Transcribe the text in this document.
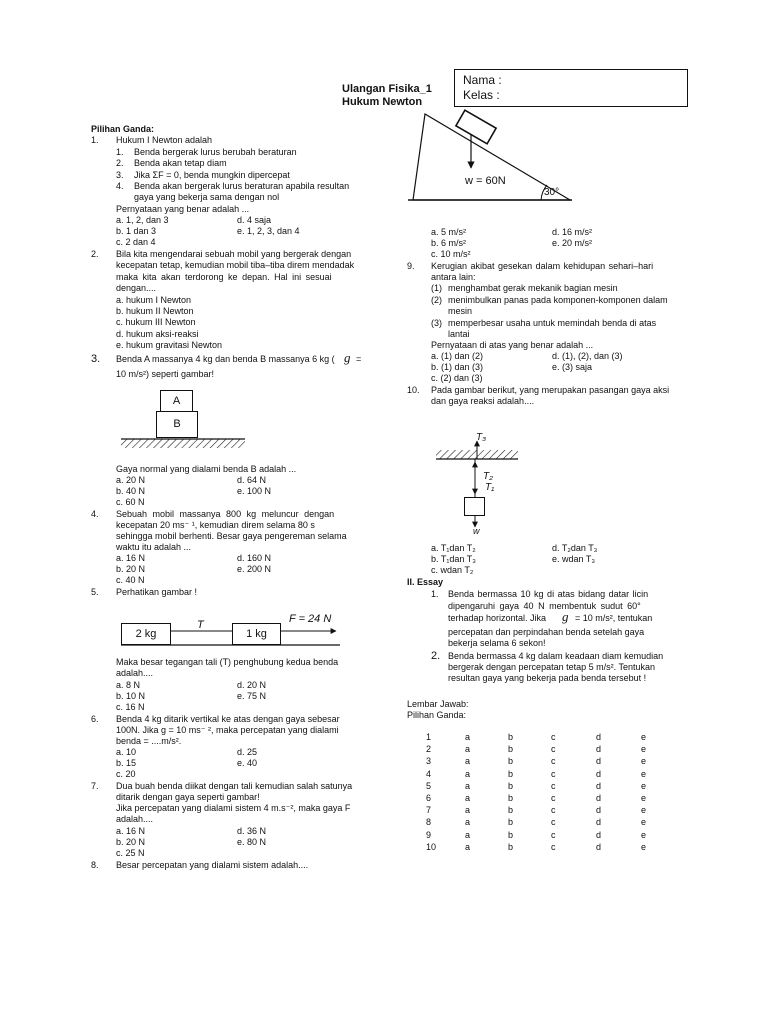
Ulangan Fisika_1
Hukum Newton
Nama :
Kelas :
Pilihan Ganda:
1. Hukum I Newton adalah
1. Benda bergerak lurus berubah beraturan
2. Benda akan tetap diam
3. Jika ΣF = 0, benda mungkin dipercepat
4. Benda akan bergerak lurus beraturan apabila resultan
gaya yang bekerja sama dengan nol
Pernyataan yang benar adalah ...
a. 1, 2, dan 3	d. 4 saja
b. 1 dan 3	e. 1, 2, 3, dan 4
c. 2 dan 4
2. Bila kita mengendarai sebuah mobil yang bergerak dengan
kecepatan tetap, kemudian mobil tiba–tiba direm mendadak
maka kita akan terdorong ke depan. Hal ini sesuai
dengan....
a. hukum I Newton
b. hukum II Newton
c. hukum III Newton
d. hukum aksi-reaksi
e. hukum gravitasi Newton
3. Benda A massanya 4 kg dan benda B massanya 6 kg ( g =
10 m/s²) seperti gambar!
A
B
Gaya normal yang dialami benda B adalah ...
a. 20 N	d. 64 N
b. 40 N	e. 100 N
c. 60 N
4. Sebuah mobil massanya 800 kg meluncur dengan
kecepatan 20 ms⁻ ¹, kemudian direm selama 80 s
sehingga mobil berhenti. Besar gaya pengereman selama
waktu itu adalah ...
a. 16 N	d. 160 N
b. 20 N	e. 200 N
c. 40 N
5. Perhatikan gambar !
2 kg	1 kg
T	F = 24 N
Maka besar tegangan tali (T) penghubung kedua benda
adalah....
a. 8 N	d. 20 N
b. 10 N	e. 75 N
c. 16 N
6. Benda 4 kg ditarik vertikal ke atas dengan gaya sebesar
100N. Jika g = 10 ms⁻ ², maka percepatan yang dialami
benda = ....m/s².
a. 10	d. 25
b. 15	e. 40
c. 20
7. Dua buah benda diikat dengan tali kemudian salah satunya
ditarik dengan gaya seperti gambar!
Jika percepatan yang dialami sistem 4 m.s⁻², maka gaya F
adalah....
a. 16 N	d. 36 N
b. 20 N	e. 80 N
c. 25 N
8. Besar percepatan yang dialami sistem adalah....
w = 60N
30°
a. 5 m/s²	d. 16 m/s²
b. 6 m/s²	e. 20 m/s²
c. 10 m/s²
9. Kerugian akibat gesekan dalam kehidupan sehari–hari
antara lain:
(1) menghambat gerak mekanik bagian mesin
(2) menimbulkan panas pada komponen-komponen dalam
mesin
(3) memperbesar usaha untuk memindah benda di atas
lantai
Pernyataan di atas yang benar adalah ...
a. (1) dan (2)	d. (1), (2), dan (3)
b. (1) dan (3)	e. (3) saja
c. (2) dan (3)
10. Pada gambar berikut, yang merupakan pasangan gaya aksi
dan gaya reaksi adalah....
T₃
T₂
T₁
w
a. T₁dan T₂	d. T₂dan T₃
b. T₁dan T₃	e. wdan T₃
c. wdan T₂
II. Essay
1. Benda bermassa 10 kg di atas bidang datar licin
dipengaruhi gaya 40 N membentuk sudut 60°
terhadap horizontal. Jika g = 10 m/s², tentukan
percepatan dan perpindahan benda setelah gaya
bekerja selama 6 sekon!
2. Benda bermassa 4 kg dalam keadaan diam kemudian
bergerak dengan percepatan tetap 5 m/s². Tentukan
resultan gaya yang bekerja pada benda tersebut !
Lembar Jawab:
Pilihan Ganda:
1	a	b	c	d	e
2	a	b	c	d	e
3	a	b	c	d	e
4	a	b	c	d	e
5	a	b	c	d	e
6	a	b	c	d	e
7	a	b	c	d	e
8	a	b	c	d	e
9	a	b	c	d	e
10	a	b	c	d	e
